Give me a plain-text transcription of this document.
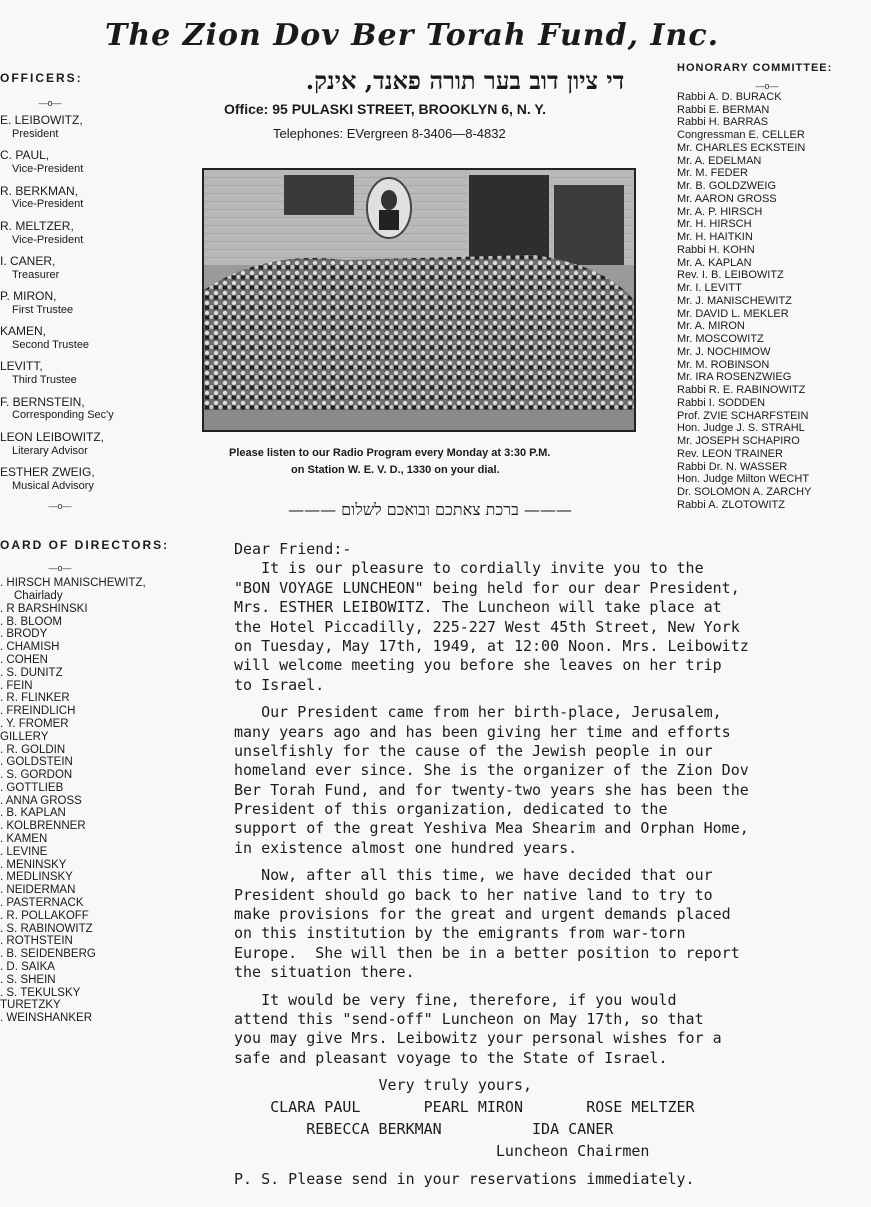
The Zion Dov Ber Torah Fund, Inc.
די ציון דוב בער תורה פאנד, אינק.
Office: 95 PULASKI STREET, BROOKLYN 6, N. Y.
Telephones: EVergreen 8-3406—8-4832
OFFICERS:
—o—
E. LEIBOWITZ,
President
C. PAUL,
Vice-President
R. BERKMAN,
Vice-President
R. MELTZER,
Vice-President
I. CANER,
Treasurer
P. MIRON,
First Trustee
KAMEN,
Second Trustee
LEVITT,
Third Trustee
F. BERNSTEIN,
Corresponding Sec'y
LEON LEIBOWITZ,
Literary Advisor
ESTHER ZWEIG,
Musical Advisory
—o—
OARD OF DIRECTORS:
—o—
. HIRSCH MANISCHEWITZ,
Chairlady
. R BARSHINSKI
. B. BLOOM
. BRODY
. CHAMISH
. COHEN
. S. DUNITZ
. FEIN
. R. FLINKER
. FREINDLICH
. Y. FROMER
GILLERY
. R. GOLDIN
. GOLDSTEIN
. S. GORDON
. GOTTLIEB
. ANNA GROSS
. B. KAPLAN
. KOLBRENNER
. KAMEN
. LEVINE
. MENINSKY
. MEDLINSKY
. NEIDERMAN
. PASTERNACK
. R. POLLAKOFF
. S. RABINOWITZ
. ROTHSTEIN
. B. SEIDENBERG
. D. SAIKA
. S. SHEIN
. S. TEKULSKY
TURETZKY
. WEINSHANKER
HONORARY COMMITTEE:
—o—
Rabbi A. D. BURACK
Rabbi E. BERMAN
Rabbi H. BARRAS
Congressman E. CELLER
Mr. CHARLES ECKSTEIN
Mr. A. EDELMAN
Mr. M. FEDER
Mr. B. GOLDZWEIG
Mr. AARON GROSS
Mr. A. P. HIRSCH
Mr. H. HIRSCH
Mr. H. HAITKIN
Rabbi H. KOHN
Mr. A. KAPLAN
Rev. I. B. LEIBOWITZ
Mr. I. LEVITT
Mr. J. MANISCHEWITZ
Mr. DAVID L. MEKLER
Mr. A. MIRON
Mr. MOSCOWITZ
Mr. J. NOCHIMOW
Mr. M. ROBINSON
Mr. IRA ROSENZWIEG
Rabbi R. E. RABINOWITZ
Rabbi I. SODDEN
Prof. ZVIE SCHARFSTEIN
Hon. Judge J. S. STRAHL
Mr. JOSEPH SCHAPIRO
Rev. LEON TRAINER
Rabbi Dr. N. WASSER
Hon. Judge Milton WECHT
Dr. SOLOMON A. ZARCHY
Rabbi A. ZLOTOWITZ
Please listen to our Radio Program every Monday at 3:30 P.M.
on Station W. E. V. D., 1330 on your dial.
——— ברכת צאתכם ובואכם לשלום ———
Dear Friend:-
It is our pleasure to cordially invite you to the
"BON VOYAGE LUNCHEON" being held for our dear President,
Mrs. ESTHER LEIBOWITZ. The Luncheon will take place at
the Hotel Piccadilly, 225-227 West 45th Street, New York
on Tuesday, May 17th, 1949, at 12:00 Noon. Mrs. Leibowitz
will welcome meeting you before she leaves on her trip
to Israel.
Our President came from her birth-place, Jerusalem,
many years ago and has been giving her time and efforts
unselfishly for the cause of the Jewish people in our
homeland ever since. She is the organizer of the Zion Dov
Ber Torah Fund, and for twenty-two years she has been the
President of this organization, dedicated to the
support of the great Yeshiva Mea Shearim and Orphan Home,
in existence almost one hundred years.
Now, after all this time, we have decided that our
President should go back to her native land to try to
make provisions for the great and urgent demands placed
on this institution by the emigrants from war-torn
Europe.  She will then be in a better position to report
the situation there.
It would be very fine, therefore, if you would
attend this "send-off" Luncheon on May 17th, so that
you may give Mrs. Leibowitz your personal wishes for a
safe and pleasant voyage to the State of Israel.
Very truly yours,
CLARA PAUL       PEARL MIRON       ROSE MELTZER
REBECCA BERKMAN          IDA CANER
Luncheon Chairmen
P. S. Please send in your reservations immediately.
